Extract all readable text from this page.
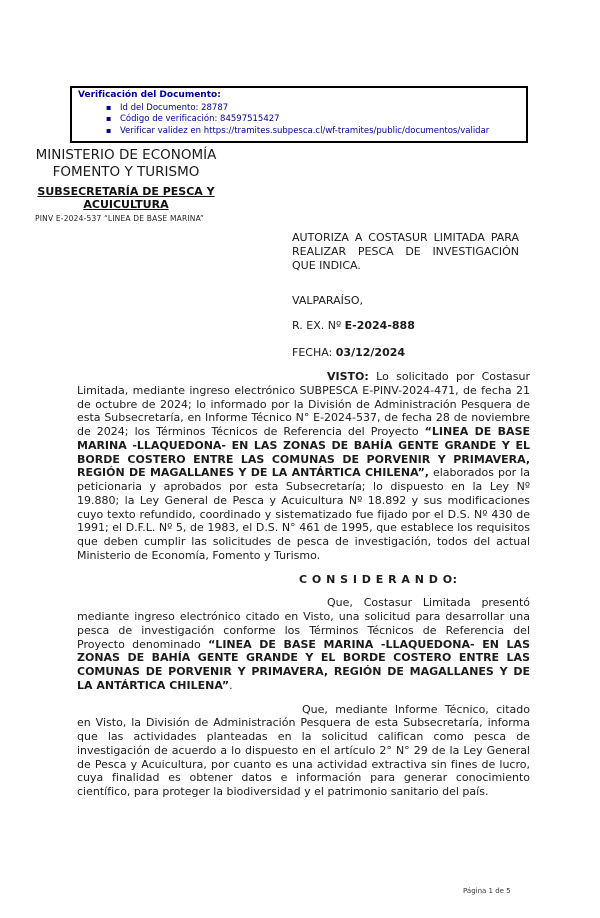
Verificación del Documento:
▪ Id del Documento: 28787
▪ Código de verificación: 84597515427
▪ Verificar validez en https://tramites.subpesca.cl/wf-tramites/public/documentos/validar
MINISTERIO DE ECONOMÍA
FOMENTO Y TURISMO
SUBSECRETARÍA DE PESCA Y
ACUICULTURA
PINV E-2024-537 “LINEA DE BASE MARINA”
AUTORIZA A COSTASUR LIMITADA PARA REALIZAR PESCA DE INVESTIGACIÓN QUE INDICA.
VALPARAÍSO,
R. EX. Nº E-2024-888
FECHA: 03/12/2024

VISTO: Lo solicitado por Costasur Limitada, mediante ingreso electrónico SUBPESCA E-PINV-2024-471, de fecha 21 de octubre de 2024; lo informado por la División de Administración Pesquera de esta Subsecretaría, en Informe Técnico N° E-2024-537, de fecha 28 de noviembre de 2024; los Términos Técnicos de Referencia del Proyecto “LINEA DE BASE MARINA -LLAQUEDONA- EN LAS ZONAS DE BAHÍA GENTE GRANDE Y EL BORDE COSTERO ENTRE LAS COMUNAS DE PORVENIR Y PRIMAVERA, REGIÓN DE MAGALLANES Y DE LA ANTÁRTICA CHILENA”, elaborados por la peticionaria y aprobados por esta Subsecretaría; lo dispuesto en la Ley Nº 19.880; la Ley General de Pesca y Acuicultura Nº 18.892 y sus modificaciones cuyo texto refundido, coordinado y sistematizado fue fijado por el D.S. Nº 430 de 1991; el D.F.L. Nº 5, de 1983, el D.S. N° 461 de 1995, que establece los requisitos que deben cumplir las solicitudes de pesca de investigación, todos del actual Ministerio de Economía, Fomento y Turismo.

C O N S I D E R A N D O:

Que, Costasur Limitada presentó mediante ingreso electrónico citado en Visto, una solicitud para desarrollar una pesca de investigación conforme los Términos Técnicos de Referencia del Proyecto denominado “LINEA DE BASE MARINA -LLAQUEDONA- EN LAS ZONAS DE BAHÍA GENTE GRANDE Y EL BORDE COSTERO ENTRE LAS COMUNAS DE PORVENIR Y PRIMAVERA, REGIÓN DE MAGALLANES Y DE LA ANTÁRTICA CHILENA”.

Que, mediante Informe Técnico, citado en Visto, la División de Administración Pesquera de esta Subsecretaría, informa que las actividades planteadas en la solicitud califican como pesca de investigación de acuerdo a lo dispuesto en el artículo 2° N° 29 de la Ley General de Pesca y Acuicultura, por cuanto es una actividad extractiva sin fines de lucro, cuya finalidad es obtener datos e información para generar conocimiento científico, para proteger la biodiversidad y el patrimonio sanitario del país.

Página 1 de 5
